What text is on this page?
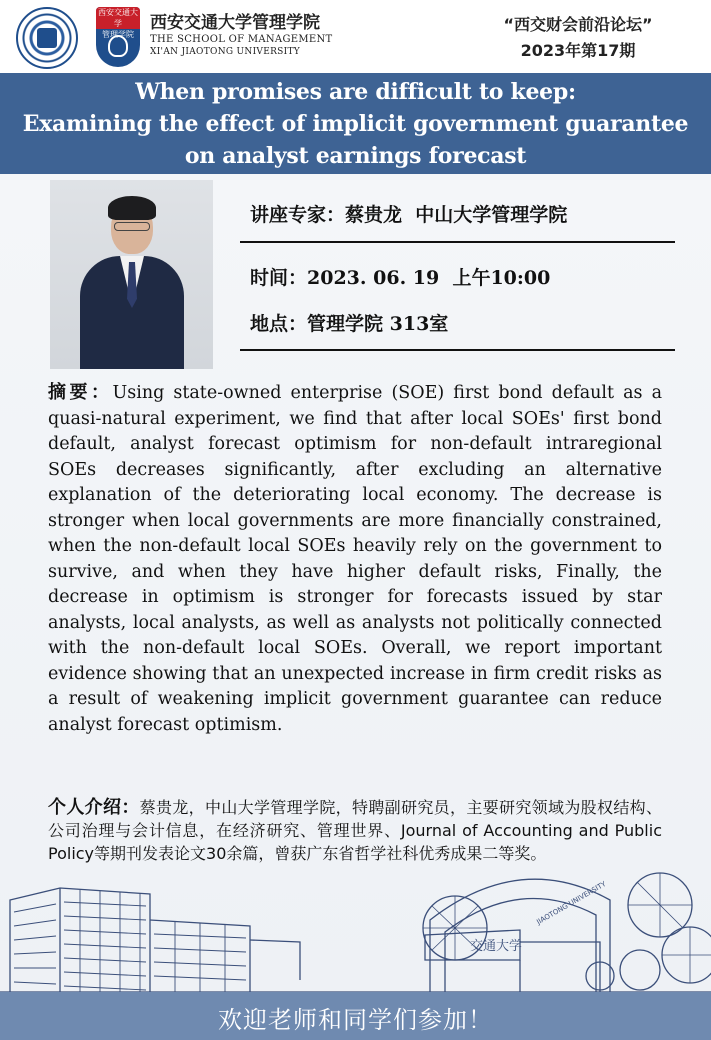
西安交通大学
管理学院
西安交通大学管理学院
THE SCHOOL OF MANAGEMENT
XI'AN JIAOTONG UNIVERSITY
“西交财会前沿论坛”
2023年第17期
When promises are difficult to keep:
Examining the effect of implicit government guarantee
on analyst earnings forecast
讲座专家：蔡贵龙 中山大学管理学院
时间：2023. 06. 19  上午10:00
地点：管理学院 313室
摘要：Using state-owned enterprise (SOE) first bond default as a quasi-natural experiment, we find that after local SOEs' first bond default, analyst forecast optimism for non-default intraregional SOEs decreases significantly, after excluding an alternative explanation of the deteriorating local economy. The decrease is stronger when local governments are more financially constrained, when the non-default local SOEs heavily rely on the government to survive, and when they have higher default risks, Finally, the decrease in optimism is stronger for forecasts issued by star analysts, local analysts, as well as analysts not politically connected with the non-default local SOEs. Overall, we report important evidence showing that an unexpected increase in firm credit risks as a result of weakening implicit government guarantee can reduce analyst forecast optimism.
个人介绍：蔡贵龙，中山大学管理学院，特聘副研究员，主要研究领域为股权结构、公司治理与会计信息，在经济研究、管理世界、Journal of Accounting and Public Policy等期刊发表论文30余篇，曾获广东省哲学社科优秀成果二等奖。
交通大学
JIAOTONG UNIVERSITY
欢迎老师和同学们参加！
